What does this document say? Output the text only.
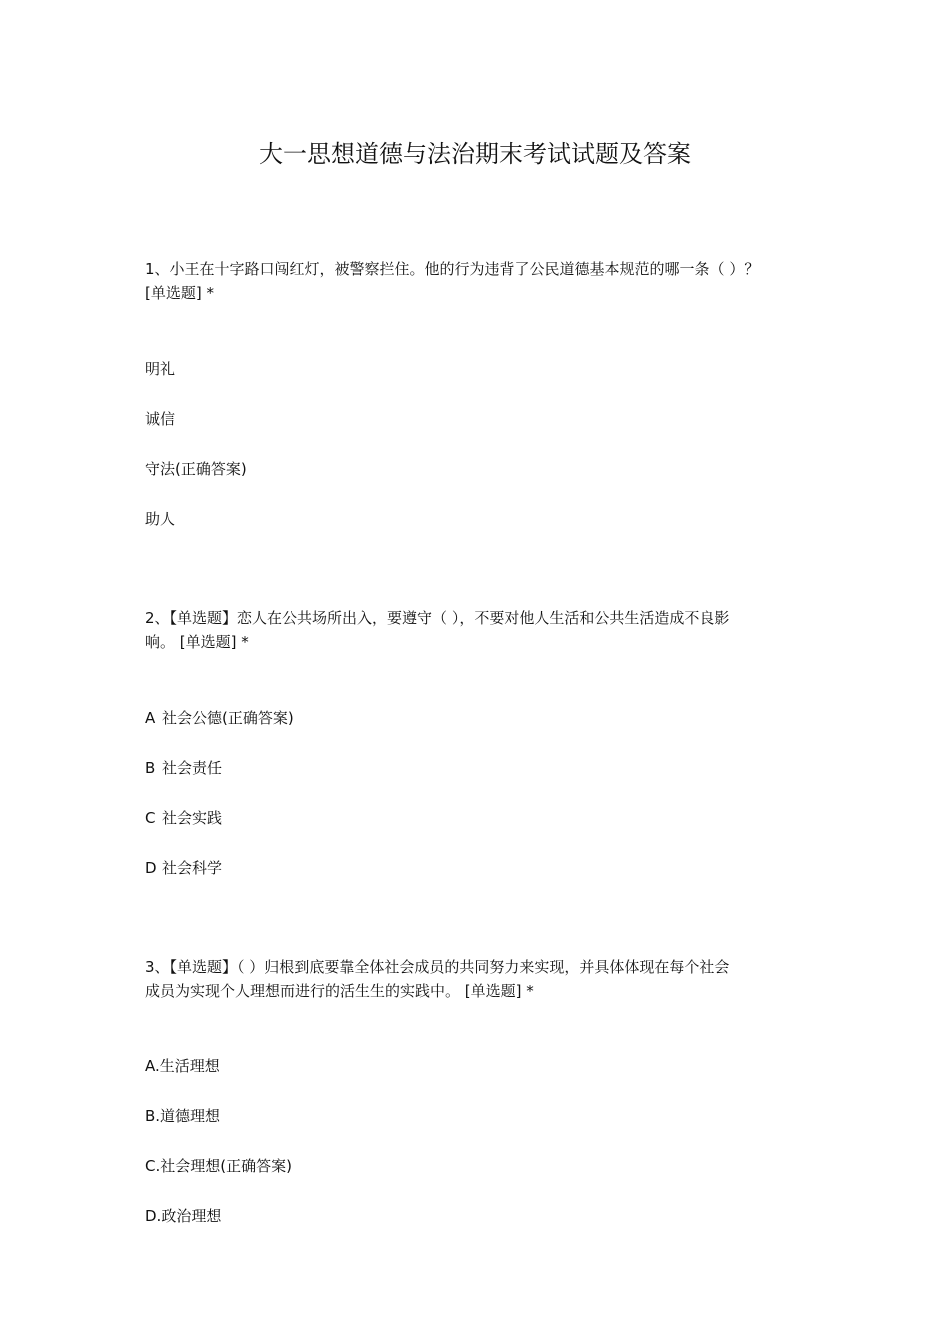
大一思想道德与法治期末考试试题及答案
1、小王在十字路口闯红灯，被警察拦住。他的行为违背了公民道德基本规范的哪一条（ ）？
[单选题] *
明礼
诚信
守法(正确答案)
助人
2、【单选题】恋人在公共场所出入，要遵守（ ），不要对他人生活和公共生活造成不良影
响。 [单选题] *
A 社会公德(正确答案)
B 社会责任
C 社会实践
D 社会科学
3、【单选题】（ ）归根到底要靠全体社会成员的共同努力来实现，并具体体现在每个社会
成员为实现个人理想而进行的活生生的实践中。 [单选题] *
A.生活理想
B.道德理想
C.社会理想(正确答案)
D.政治理想
